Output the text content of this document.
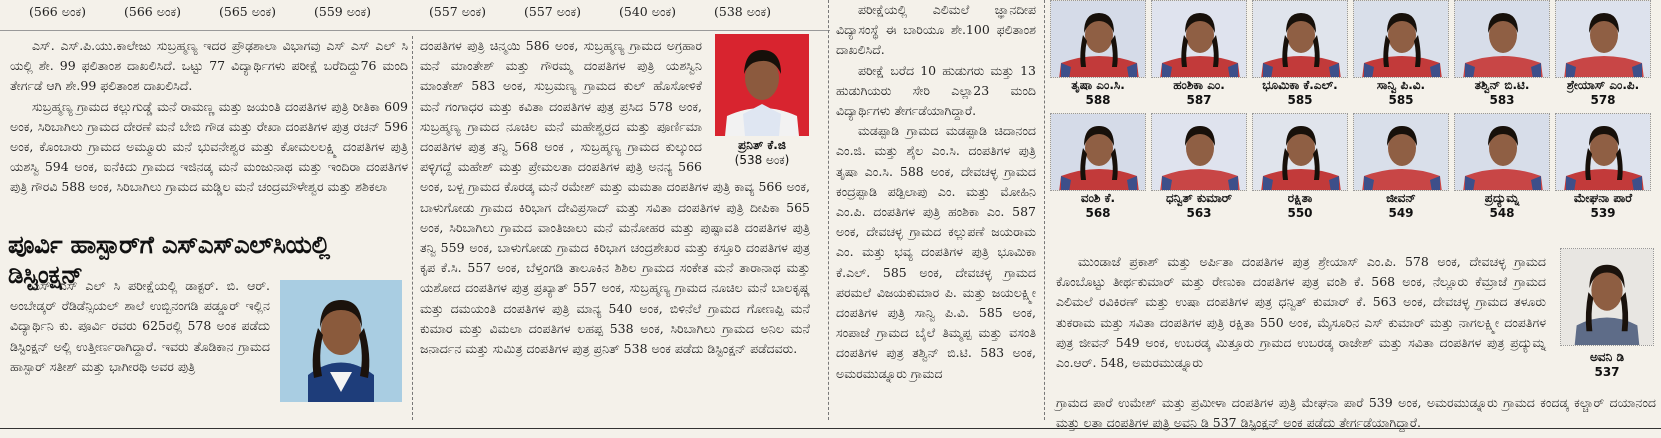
(566 ಅಂಕ)	(566 ಅಂಕ)	(565 ಅಂಕ)	(559 ಅಂಕ)	(557 ಅಂಕ)	(557 ಅಂಕ)	(540 ಅಂಕ)	(538 ಅಂಕ)

ಎಸ್. ಎಸ್.ಪಿ.ಯು.ಕಾಲೇಜು ಸುಬ್ರಹ್ಮಣ್ಯ ಇದರ ಪ್ರೌಢಶಾಲಾ ವಿಭಾಗವು ಎಸ್ ಎಸ್ ಎಲ್ ಸಿ ಯಲ್ಲಿ ಶೇ. 99 ಫಲಿತಾಂಶ ದಾಖಲಿಸಿದೆ. ಒಟ್ಟು 77 ವಿದ್ಯಾರ್ಥಿಗಳು ಪರೀಕ್ಷೆ ಬರೆದಿದ್ದು76 ಮಂದಿ ತೇರ್ಗಡೆ ಆಗಿ ಶೇ.99 ಫಲಿತಾಂಶ ದಾಖಲಿಸಿದೆ.

ಸುಬ್ರಹ್ಮಣ್ಯ ಗ್ರಾಮದ ಕಲ್ಲುಗುಡ್ಡೆ ಮನೆ ರಾಮಣ್ಣ ಮತ್ತು ಜಯಂತಿ ದಂಪತಿಗಳ ಪುತ್ರಿ ರೀತಿಕಾ 609 ಅಂಕ, ಸಿರಿಬಾಗಿಲು ಗ್ರಾಮದ ದೇರಣೆ ಮನೆ ಬೇಬಿ ಗೌಡ ಮತ್ತು ರೇಖಾ ದಂಪತಿಗಳ ಪುತ್ರ ರಚನ್ 596 ಅಂಕ, ಕೊಂಬಾರು ಗ್ರಾಮದ ಅಮ್ಮೂರು ಮನೆ ಭುವನೇಶ್ವರ ಮತ್ತು ಕೋಮಲಲಕ್ಷ್ಮಿ ದಂಪತಿಗಳ ಪುತ್ರಿ ಯಶಸ್ವಿ 594 ಅಂಕ, ಐನೆಕಿದು ಗ್ರಾಮದ ಇಜಿನಡ್ಕ ಮನೆ ಮಂಜುನಾಥ ಮತ್ತು ಇಂದಿರಾ ದಂಪತಿಗಳ ಪುತ್ರಿ ಗೌರವಿ 588 ಅಂಕ, ಸಿರಿಬಾಗಿಲು ಗ್ರಾಮದ ಮಡ್ಡಿಲ ಮನೆ ಚಂದ್ರಮೌಳೇಶ್ವರ ಮತ್ತು ಶಶಿಕಲಾ

ಪೂರ್ವಿ ಹಾಸ್ಪಾರ್‌ಗೆ ಎಸ್ಎಸ್ಎಲ್‌ಸಿಯಲ್ಲಿ ಡಿಸ್ಟಿಂಕ್ಷನ್

ಎಸ್ ಎಸ್ ಎಲ್ ಸಿ ಪರೀಕ್ಷೆಯಲ್ಲಿ ಡಾಕ್ಟರ್. ಬಿ. ಆರ್. ಅಂಬೇಡ್ಕರ್ ರೆಡಿಡೆನ್ಸಿಯಲ್ ಶಾಲೆ ಉಬ್ಬಿನಂಗಡಿ ಪಡ್ಡೂರ್ ಇಲ್ಲಿನ ವಿದ್ಯಾರ್ಥಿನಿ ಕು. ಪೂರ್ವಿ ರವರು 625ರಲ್ಲಿ 578 ಅಂಕ ಪಡೆದು ಡಿಸ್ಟಿಂಕ್ಷನ್ ಅಲ್ಲಿ ಉತ್ತೀರ್ಣರಾಗಿದ್ದಾರೆ. ಇವರು ತೊಡಿಕಾನ ಗ್ರಾಮದ ಹಾಸ್ಪಾರ್ ಸತೀಶ್ ಮತ್ತು ಭಾಗೀರಥಿ ಅವರ ಪುತ್ರಿ

ದಂಪತಿಗಳ ಪುತ್ರಿ ಚಿನ್ಮಯಿ 586 ಅಂಕ, ಸುಬ್ರಹ್ಮಣ್ಯ ಗ್ರಾಮದ ಅಗ್ರಹಾರ ಮನೆ ಮಾಂತೇಶ್ ಮತ್ತು ಗೌರಮ್ಮ ದಂಪತಿಗಳ ಪುತ್ರಿ ಯಶಸ್ವಿನಿ ಮಾಂತೇಶ್ 583 ಅಂಕ, ಸುಬ್ರಮಣ್ಯ ಗ್ರಾಮದ ಕುಲ್ ಹೊಸೋಳಿಕೆ ಮನೆ ಗಂಗಾಧರ ಮತ್ತು ಕವಿತಾ ದಂಪತಿಗಳ ಪುತ್ರ ಪ್ರಸಿದ 578 ಅಂಕ, ಸುಬ್ರಹ್ಮಣ್ಯ ಗ್ರಾಮದ ನೂಚಿಲ ಮನೆ ಮಹೇಶ್ವರ್ರದ ಮತ್ತು ಪೂರ್ಣಿಮಾ ದಂಪತಿಗಳ ಪುತ್ರ ತನ್ವಿ 568 ಅಂಕ , ಸುಬ್ರಹ್ಮಣ್ಯ ಗ್ರಾಮದ ಕುಲ್ಕುಂದ ಪಳ್ಳಿಗದ್ದೆ ಮಹೇಶ್ ಮತ್ತು ಪ್ರೇಮಲತಾ ದಂಪತಿಗಳ ಪುತ್ರಿ ಅನನ್ಯ 566 ಅಂಕ, ಬಳ್ಪ ಗ್ರಾಮದ ಕೊರಡ್ಕ ಮನೆ ರಮೇಶ್ ಮತ್ತು ಮಮತಾ ದಂಪತಿಗಳ ಪುತ್ರಿ ಕಾವ್ಯ 566 ಅಂಕ, ಬಾಳುಗೋಡು ಗ್ರಾಮದ ಕಿರಿಭಾಗ ದೇವಿಪ್ರಸಾದ್ ಮತ್ತು ಸವಿತಾ ದಂಪತಿಗಳ ಪುತ್ರಿ ದೀಪಿಕಾ 565 ಅಂಕ, ಸಿರಿಬಾಗಿಲು ಗ್ರಾಮದ ವಾಂತಿಜಾಲು ಮನೆ ಮನೋಹರ ಮತ್ತು ಪುಷ್ಪಾವತಿ ದಂಪತಿಗಳ ಪುತ್ರಿ ತನ್ವಿ 559 ಅಂಕ, ಬಾಳುಗೋಡು ಗ್ರಾಮದ ಕಿರಿಭಾಗ ಚಂದ್ರಶೇಖರ ಮತ್ತು ಕಸ್ತೂರಿ ದಂಪತಿಗಳ ಪುತ್ರ ಕೃಪ ಕೆ.ಸಿ. 557 ಅಂಕ, ಬೆಳ್ತಂಗಡಿ ತಾಲೂಕಿನ ಶಿಶಿಲ ಗ್ರಾಮದ ಸಂಕೇತ ಮನೆ ತಾರಾನಾಥ ಮತ್ತು ಯಶೋದ ದಂಪತಿಗಳ ಪುತ್ರ ಪ್ರಖ್ಯಾತ್ 557 ಅಂಕ, ಸುಬ್ರಹ್ಮಣ್ಯ ಗ್ರಾಮದ ನೂಚಿಲ ಮನೆ ಬಾಲಕೃಷ್ಣ ಮತ್ತು ದಮಯಂತಿ ದಂಪತಿಗಳ ಪುತ್ರಿ ಮಾನ್ಯ 540 ಅಂಕ, ಬಿಳಿನೆಲೆ ಗ್ರಾಮದ ಗೋಣಪ್ಪಿ ಮನೆ ಕುಮಾರ ಮತ್ತು ವಿಮಲಾ ದಂಪತಿಗಳ ಲಹಪ್ಪ 538 ಅಂಕ, ಸಿರಿಬಾಗಿಲು ಗ್ರಾಮದ ಅನಿಲ ಮನೆ ಜನಾರ್ದನ ಮತ್ತು ಸುಮಿತ್ರ ದಂಪತಿಗಳ ಪುತ್ರ ಪ್ರನಿತ್ 538 ಅಂಕ ಪಡೆದು ಡಿಸ್ಟಿಂಕ್ಷನ್ ಪಡೆದವರು.
ಪ್ರನಿತ್ ಕೆ.ಜಿ
(538 ಅಂಕ)

ಪರೀಕ್ಷೆಯಲ್ಲಿ ಎಲಿಮಲೆ ಜ್ಞಾನದೀಪ ವಿದ್ಯಾಸಂಸ್ಥೆ ಈ ಬಾರಿಯೂ ಶೇ.100 ಫಲಿತಾಂಶ ದಾಖಲಿಸಿದೆ.

ಪರೀಕ್ಷೆ ಬರೆದ 10 ಹುಡುಗರು ಮತ್ತು 13 ಹುಡುಗಿಯರು ಸೇರಿ ಎಲ್ಲಾ23 ಮಂದಿ ವಿದ್ಯಾರ್ಥಿಗಳು ತೇರ್ಗಡೆಯಾಗಿದ್ದಾರೆ.

ಮಡಪ್ಪಾಡಿ ಗ್ರಾಮದ ಮಡಪ್ಪಾಡಿ ಚಿದಾನಂದ ಎಂ.ಜಿ. ಮತ್ತು ಶೈಲ ಎಂ.ಸಿ. ದಂಪತಿಗಳ ಪುತ್ರಿ ತೃಷಾ ಎಂ.ಸಿ. 588 ಅಂಕ, ದೇವಚಳ್ಳ ಗ್ರಾಮದ ಕಂದ್ರಪ್ಪಾಡಿ ಪಡ್ಪಿಲಾಪು ಎಂ. ಮತ್ತು ಮೋಹಿನಿ ಎಂ.ಪಿ. ದಂಪತಿಗಳ ಪುತ್ರಿ ಹಂಶಿಕಾ ಎಂ. 587 ಅಂಕ, ದೇವಚಳ್ಳ ಗ್ರಾಮದ ಕಲ್ಲುಪಣೆ ಜಯರಾಮ ಎಂ. ಮತ್ತು ಭವ್ಯ ದಂಪತಿಗಳ ಪುತ್ರಿ ಭೂಮಿಕಾ ಕೆ.ಎಲ್. 585 ಅಂಕ, ದೇವಚಳ್ಳ ಗ್ರಾಮದ ಪರಮಲೆ ವಿಜಯಕುಮಾರ ಪಿ. ಮತ್ತು ಜಯಲಕ್ಷ್ಮೀ ದಂಪತಿಗಳ ಪುತ್ರಿ ಸಾನ್ವಿ ಪಿ.ವಿ. 585 ಅಂಕ, ಸಂಪಾಜೆ ಗ್ರಾಮದ ಬೈಲೆ ತಿಮ್ಮಪ್ಪ ಮತ್ತು ವಸಂತಿ ದಂಪತಿಗಳ ಪುತ್ರ ತಶ್ವಿನ್ ಬಿ.ಟಿ. 583 ಅಂಕ, ಅಮರಮುಡ್ನೂರು ಗ್ರಾಮದ

ತೃಷಾ ಎಂ.ಸಿ.
588
ಹಂಶಿಕಾ ಎಂ.
587
ಭೂಮಿಕಾ ಕೆ.ಎಲ್.
585
ಸಾನ್ವಿ ಪಿ.ವಿ.
585
ತಶ್ವಿನ್ ಬಿ.ಟಿ.
583
ಶ್ರೇಯಾಸ್ ಎಂ.ಪಿ.
578
ವಂಶಿ ಕೆ.
568
ಧನ್ವಿತ್ ಕುಮಾರ್
563
ರಕ್ಷಿತಾ
550
ಜೀವನ್
549
ಪ್ರದ್ಯುಮ್ನ
548
ಮೇಘನಾ ಪಾರೆ
539

ಮುಂಡಾಜೆ ಪ್ರಕಾಶ್ ಮತ್ತು ಅರ್ಪಿತಾ ದಂಪತಿಗಳ ಪುತ್ರ ಶ್ರೇಯಾಸ್ ಎಂ.ಪಿ. 578 ಅಂಕ, ದೇವಚಳ್ಳ ಗ್ರಾಮದ ಕೊಂಬೊಟ್ಟು ತೀರ್ಥಕುಮಾರ್ ಮತ್ತು ರೇಣುಕಾ ದಂಪತಿಗಳ ಪುತ್ರ ವಂಶಿ ಕೆ. 568 ಅಂಕ, ನೆಲ್ಲೂರು ಕೆಮ್ರಾಜೆ ಗ್ರಾಮದ ಎಲಿಮಲೆ ರವಿಕಿರಣ್ ಮತ್ತು ಉಷಾ ದಂಪತಿಗಳ ಪುತ್ರ ಧನ್ವಿತ್ ಕುಮಾರ್ ಕೆ. 563 ಅಂಕ, ದೇವಚಳ್ಳ ಗ್ರಾಮದ ತಳೂರು ತುಕರಾಮ ಮತ್ತು ಸವಿತಾ ದಂಪತಿಗಳ ಪುತ್ರಿ ರಕ್ಷಿತಾ 550 ಅಂಕ, ಮೈಸೂರಿನ ಎಸ್ ಕುಮಾರ್ ಮತ್ತು ನಾಗಲಕ್ಷ್ಮೀ ದಂಪತಿಗಳ ಪುತ್ರ ಜೀವನ್ 549 ಅಂಕ, ಉಬರಡ್ಕ ಮಿತ್ತೂರು ಗ್ರಾಮದ ಉಬರಡ್ಕ ರಾಜೇಶ್ ಮತ್ತು ಸವಿತಾ ದಂಪತಿಗಳ ಪುತ್ರ ಪ್ರದ್ಯುಮ್ನ ಎಂ.ಆರ್. 548, ಅಮರಮುಡ್ನೂರು	ಅವನಿ ಡಿ
537
ಗ್ರಾಮದ ಪಾರೆ ಉಮೇಶ್ ಮತ್ತು ಪ್ರಮೀಳಾ ದಂಪತಿಗಳ ಪುತ್ರಿ ಮೇಘನಾ ಪಾರೆ 539 ಅಂಕ, ಅಮರಮುಡ್ನೂರು ಗ್ರಾಮದ ಕಂದಡ್ಕ ಕಲ್ಚಾರ್ ದಯಾನಂದ ಮತ್ತು ಲತಾ ದಂಪತಿಗಳ ಪುತ್ರಿ ಅವನಿ ಡಿ 537 ಡಿಸ್ಟಿಂಕ್ಷನ್ ಅಂಕ ಪಡೆದು ತೇರ್ಗಡೆಯಾಗಿದ್ದಾರೆ.
